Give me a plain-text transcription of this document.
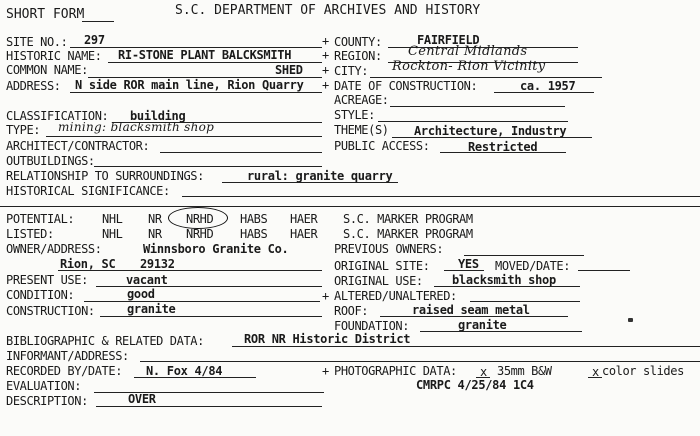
SHORT FORM	S.C. DEPARTMENT OF ARCHIVES AND HISTORY
+
+
+
+
SITE NO.: 297	COUNTY:	FAIRFIELD
HISTORIC NAME: RI-STONE PLANT BALCKSMITH	REGION: Central Midlands
COMMON NAME:	SHED	CITY: Rockton- Rion Vicinity
ADDRESS: N side ROR main line, Rion Quarry	DATE OF CONSTRUCTION:	ca. 1957
ACREAGE:
CLASSIFICATION: building	STYLE:
TYPE: mining: blacksmith shop	THEME(S) Architecture, Industry
ARCHITECT/CONTRACTOR:	PUBLIC ACCESS:	Restricted
OUTBUILDINGS:
RELATIONSHIP TO SURROUNDINGS:	rural: granite quarry
HISTORICAL SIGNIFICANCE:
POTENTIAL: NHL NR NRHD HABS HAER S.C. MARKER PROGRAM
LISTED:	NHL NR NRHD HABS HAER S.C. MARKER PROGRAM
OWNER/ADDRESS:	Winnsboro Granite Co.	PREVIOUS OWNERS:
Rion, SC 29132	ORIGINAL SITE: YES MOVED/DATE:
PRESENT USE:	vacant	ORIGINAL USE: blacksmith shop
CONDITION:	good	+ ALTERED/UNALTERED:
CONSTRUCTION:	granite	ROOF:	raised seam metal
FOUNDATION:	granite
BIBLIOGRAPHIC & RELATED DATA:	ROR NR Historic District
INFORMANT/ADDRESS:
RECORDED BY/DATE: N. Fox 4/84	+ PHOTOGRAPHIC DATA: x 35mm B&W	x color slides
EVALUATION:	CMRPC 4/25/84 1C4
DESCRIPTION:	OVER
